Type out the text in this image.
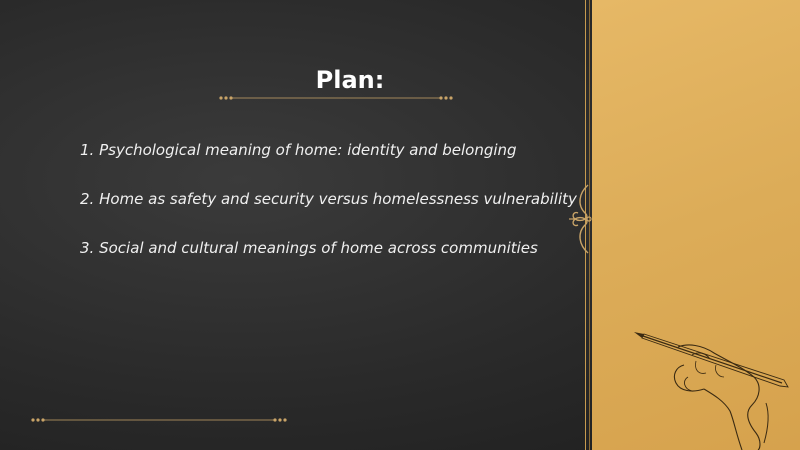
Plan:
1. Psychological meaning of home: identity and belonging
2. Home as safety and security versus homelessness vulnerability
3. Social and cultural meanings of home across communities
